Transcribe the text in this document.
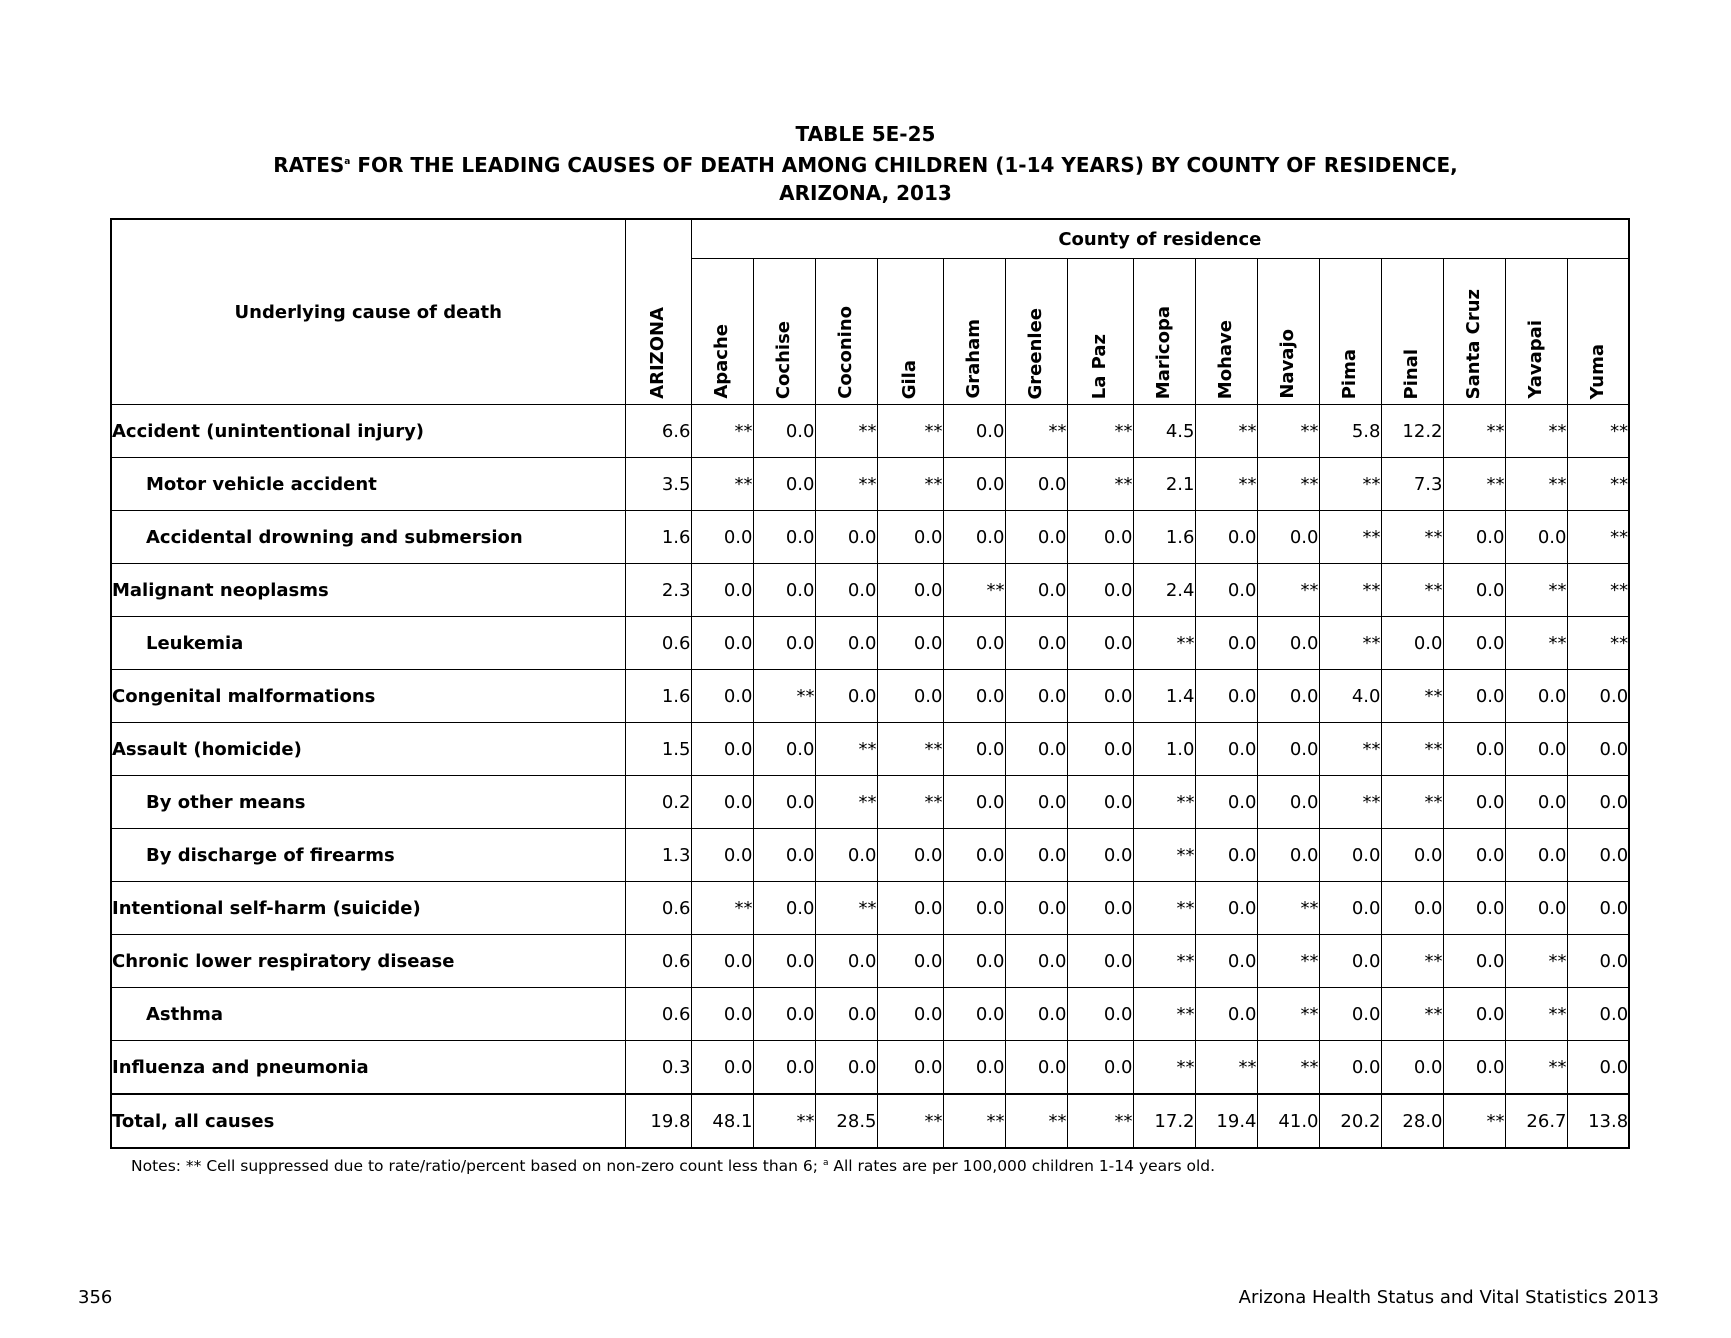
TABLE 5E-25
RATES$^a$ FOR THE LEADING CAUSES OF DEATH AMONG CHILDREN (1-14 YEARS) BY COUNTY OF RESIDENCE,
ARIZONA, 2013
Underlying cause of death	ARIZONA	County of residence														
		Apache	Cochise	Coconino	Gila	Graham	Greenlee	La Paz	Maricopa	Mohave	Navajo	Pima	Pinal	Santa Cruz	Yavapai	Yuma
Accident (unintentional injury)	6.6	**	0.0	**	**	0.0	**	**	4.5	**	**	5.8	12.2	**	**	**
Motor vehicle accident	3.5	**	0.0	**	**	0.0	0.0	**	2.1	**	**	**	7.3	**	**	**
Accidental drowning and submersion	1.6	0.0	0.0	0.0	0.0	0.0	0.0	0.0	1.6	0.0	0.0	**	**	0.0	0.0	**
Malignant neoplasms	2.3	0.0	0.0	0.0	0.0	**	0.0	0.0	2.4	0.0	**	**	**	0.0	**	**
Leukemia	0.6	0.0	0.0	0.0	0.0	0.0	0.0	0.0	**	0.0	0.0	**	0.0	0.0	**	**
Congenital malformations	1.6	0.0	**	0.0	0.0	0.0	0.0	0.0	1.4	0.0	0.0	4.0	**	0.0	0.0	0.0
Assault (homicide)	1.5	0.0	0.0	**	**	0.0	0.0	0.0	1.0	0.0	0.0	**	**	0.0	0.0	0.0
By other means	0.2	0.0	0.0	**	**	0.0	0.0	0.0	**	0.0	0.0	**	**	0.0	0.0	0.0
By discharge of firearms	1.3	0.0	0.0	0.0	0.0	0.0	0.0	0.0	**	0.0	0.0	0.0	0.0	0.0	0.0	0.0
Intentional self-harm (suicide)	0.6	**	0.0	**	0.0	0.0	0.0	0.0	**	0.0	**	0.0	0.0	0.0	0.0	0.0
Chronic lower respiratory disease	0.6	0.0	0.0	0.0	0.0	0.0	0.0	0.0	**	0.0	**	0.0	**	0.0	**	0.0
Asthma	0.6	0.0	0.0	0.0	0.0	0.0	0.0	0.0	**	0.0	**	0.0	**	0.0	**	0.0
Influenza and pneumonia	0.3	0.0	0.0	0.0	0.0	0.0	0.0	0.0	**	**	**	0.0	0.0	0.0	**	0.0
Total, all causes	19.8	48.1	**	28.5	**	**	**	**	17.2	19.4	41.0	20.2	28.0	**	26.7	13.8
Notes: ** Cell suppressed due to rate/ratio/percent based on non-zero count less than 6; $^a$ All rates are per 100,000 children 1-14 years old.
356	Arizona Health Status and Vital Statistics 2013
